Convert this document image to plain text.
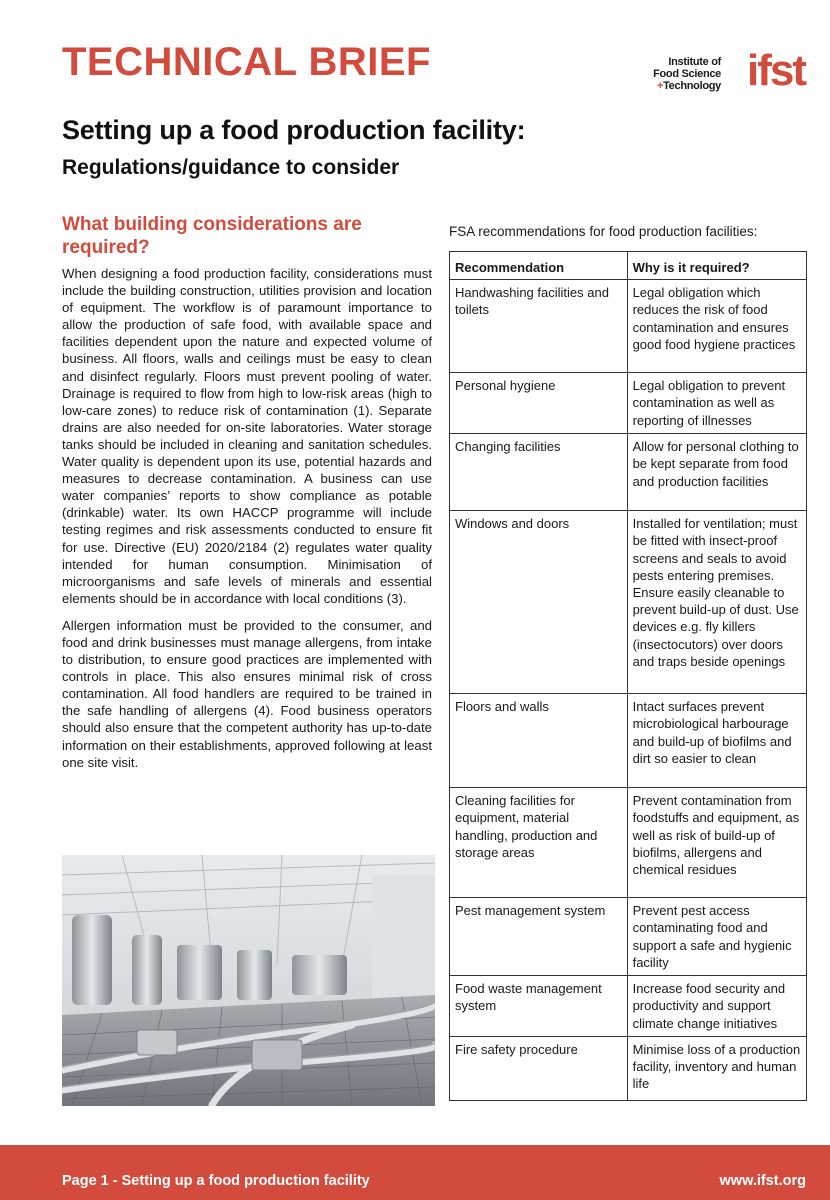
TECHNICAL BRIEF	Institute of
Food Science
+Technology ifst
Setting up a food production facility:
Regulations/guidance to consider
What building considerations are required?

When designing a food production facility, considerations must include the building construction, utilities provision and location of equipment. The workflow is of paramount importance to allow the production of safe food, with available space and facilities dependent upon the nature and expected volume of business. All floors, walls and ceilings must be easy to clean and disinfect regularly. Floors must prevent pooling of water. Drainage is required to flow from high to low-risk areas (high to low-care zones) to reduce risk of contamination (1). Separate drains are also needed for on-site laboratories. Water storage tanks should be included in cleaning and sanitation schedules. Water quality is dependent upon its use, potential hazards and measures to decrease contamination. A business can use water companies’ reports to show compliance as potable (drinkable) water. Its own HACCP programme will include testing regimes and risk assessments conducted to ensure fit for use. Directive (EU) 2020/2184 (2) regulates water quality intended for human consumption. Minimisation of microorganisms and safe levels of minerals and essential elements should be in accordance with local conditions (3).

Allergen information must be provided to the consumer, and food and drink businesses must manage allergens, from intake to distribution, to ensure good practices are implemented with controls in place. This also ensures minimal risk of cross contamination. All food handlers are required to be trained in the safe handling of allergens (4). Food business operators should also ensure that the competent authority has up-to-date information on their establishments, approved following at least one site visit.

FSA recommendations for food production facilities:
Recommendation	Why is it required?
Handwashing facilities and toilets	Legal obligation which reduces the risk of food contamination and ensures good food hygiene practices
Personal hygiene	Legal obligation to prevent contamination as well as reporting of illnesses
Changing facilities	Allow for personal clothing to be kept separate from food and production facilities
Windows and doors	Installed for ventilation; must be fitted with insect-proof screens and seals to avoid pests entering premises. Ensure easily cleanable to prevent build-up of dust. Use devices e.g. fly killers (insectocutors) over doors and traps beside openings
Floors and walls	Intact surfaces prevent microbiological harbourage and build-up of biofilms and dirt so easier to clean
Cleaning facilities for equipment, material handling, production and storage areas	Prevent contamination from foodstuffs and equipment, as well as risk of build-up of biofilms, allergens and chemical residues
Pest management system	Prevent pest access contaminating food and support a safe and hygienic facility
Food waste management system	Increase food security and productivity and support climate change initiatives
Fire safety procedure	Minimise loss of a production facility, inventory and human life
Page 1 - Setting up a food production facility	www.ifst.org
